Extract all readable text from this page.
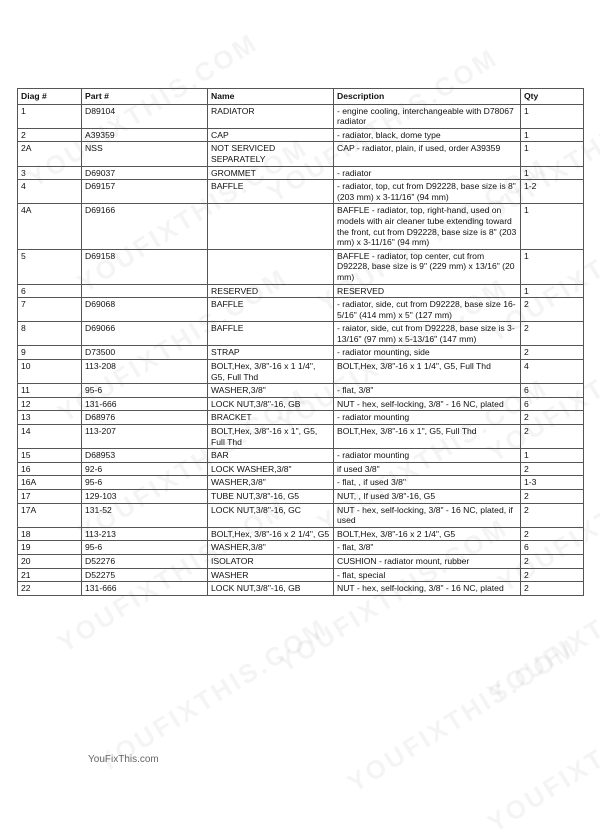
Diag #	Part #	Name	Description	Qty
1	D89104	RADIATOR	- engine cooling, interchangeable with D78067 radiator	1
2	A39359	CAP	- radiator, black, dome type	1
2A	NSS	NOT SERVICED SEPARATELY	CAP - radiator, plain, if used, order A39359	1
3	D69037	GROMMET	- radiator	1
4	D69157	BAFFLE	- radiator, top, cut from D92228, base size is 8" (203 mm) x 3-11/16" (94 mm)	1-2
4A	D69166		BAFFLE - radiator, top, right-hand, used on models with air cleaner tube extending toward the front, cut from D92228, base size is 8" (203 mm) x 3-11/16" (94 mm)	1
5	D69158		BAFFLE - radiator, top center, cut from D92228, base size is 9" (229 mm) x 13/16" (20 mm)	1
6		RESERVED	RESERVED	1
7	D69068	BAFFLE	- radiator, side, cut from D92228, base size 16-5/16" (414 mm) x 5" (127 mm)	2
8	D69066	BAFFLE	- raiator, side, cut from D92228, base size is 3-13/16" (97 mm) x 5-13/16" (147 mm)	2
9	D73500	STRAP	- radiator mounting, side	2
10	113-208	BOLT,Hex, 3/8"-16 x 1 1/4", G5, Full Thd	BOLT,Hex, 3/8"-16 x 1 1/4", G5, Full Thd	4
11	95-6	WASHER,3/8"	- flat, 3/8"	6
12	131-666	LOCK NUT,3/8"-16, GB	NUT - hex, self-locking, 3/8" - 16 NC, plated	6
13	D68976	BRACKET	- radiator mounting	2
14	113-207	BOLT,Hex, 3/8"-16 x 1", G5, Full Thd	BOLT,Hex, 3/8"-16 x 1", G5, Full Thd	2
15	D68953	BAR	- radiator mounting	1
16	92-6	LOCK WASHER,3/8"	if used 3/8"	2
16A	95-6	WASHER,3/8"	- flat, , if used 3/8"	1-3
17	129-103	TUBE NUT,3/8"-16, G5	NUT, , If used 3/8"-16, G5	2
17A	131-52	LOCK NUT,3/8"-16, GC	NUT - hex, self-locking, 3/8" - 16 NC, plated, if used	2
18	113-213	BOLT,Hex, 3/8"-16 x 2 1/4", G5	BOLT,Hex, 3/8"-16 x 2 1/4", G5	2
19	95-6	WASHER,3/8"	- flat, 3/8"	6
20	D52276	ISOLATOR	CUSHION - radiator mount, rubber	2
21	D52275	WASHER	- flat, special	2
22	131-666	LOCK NUT,3/8"-16, GB	NUT - hex, self-locking, 3/8" - 16 NC, plated	2
YouFixThis.com
